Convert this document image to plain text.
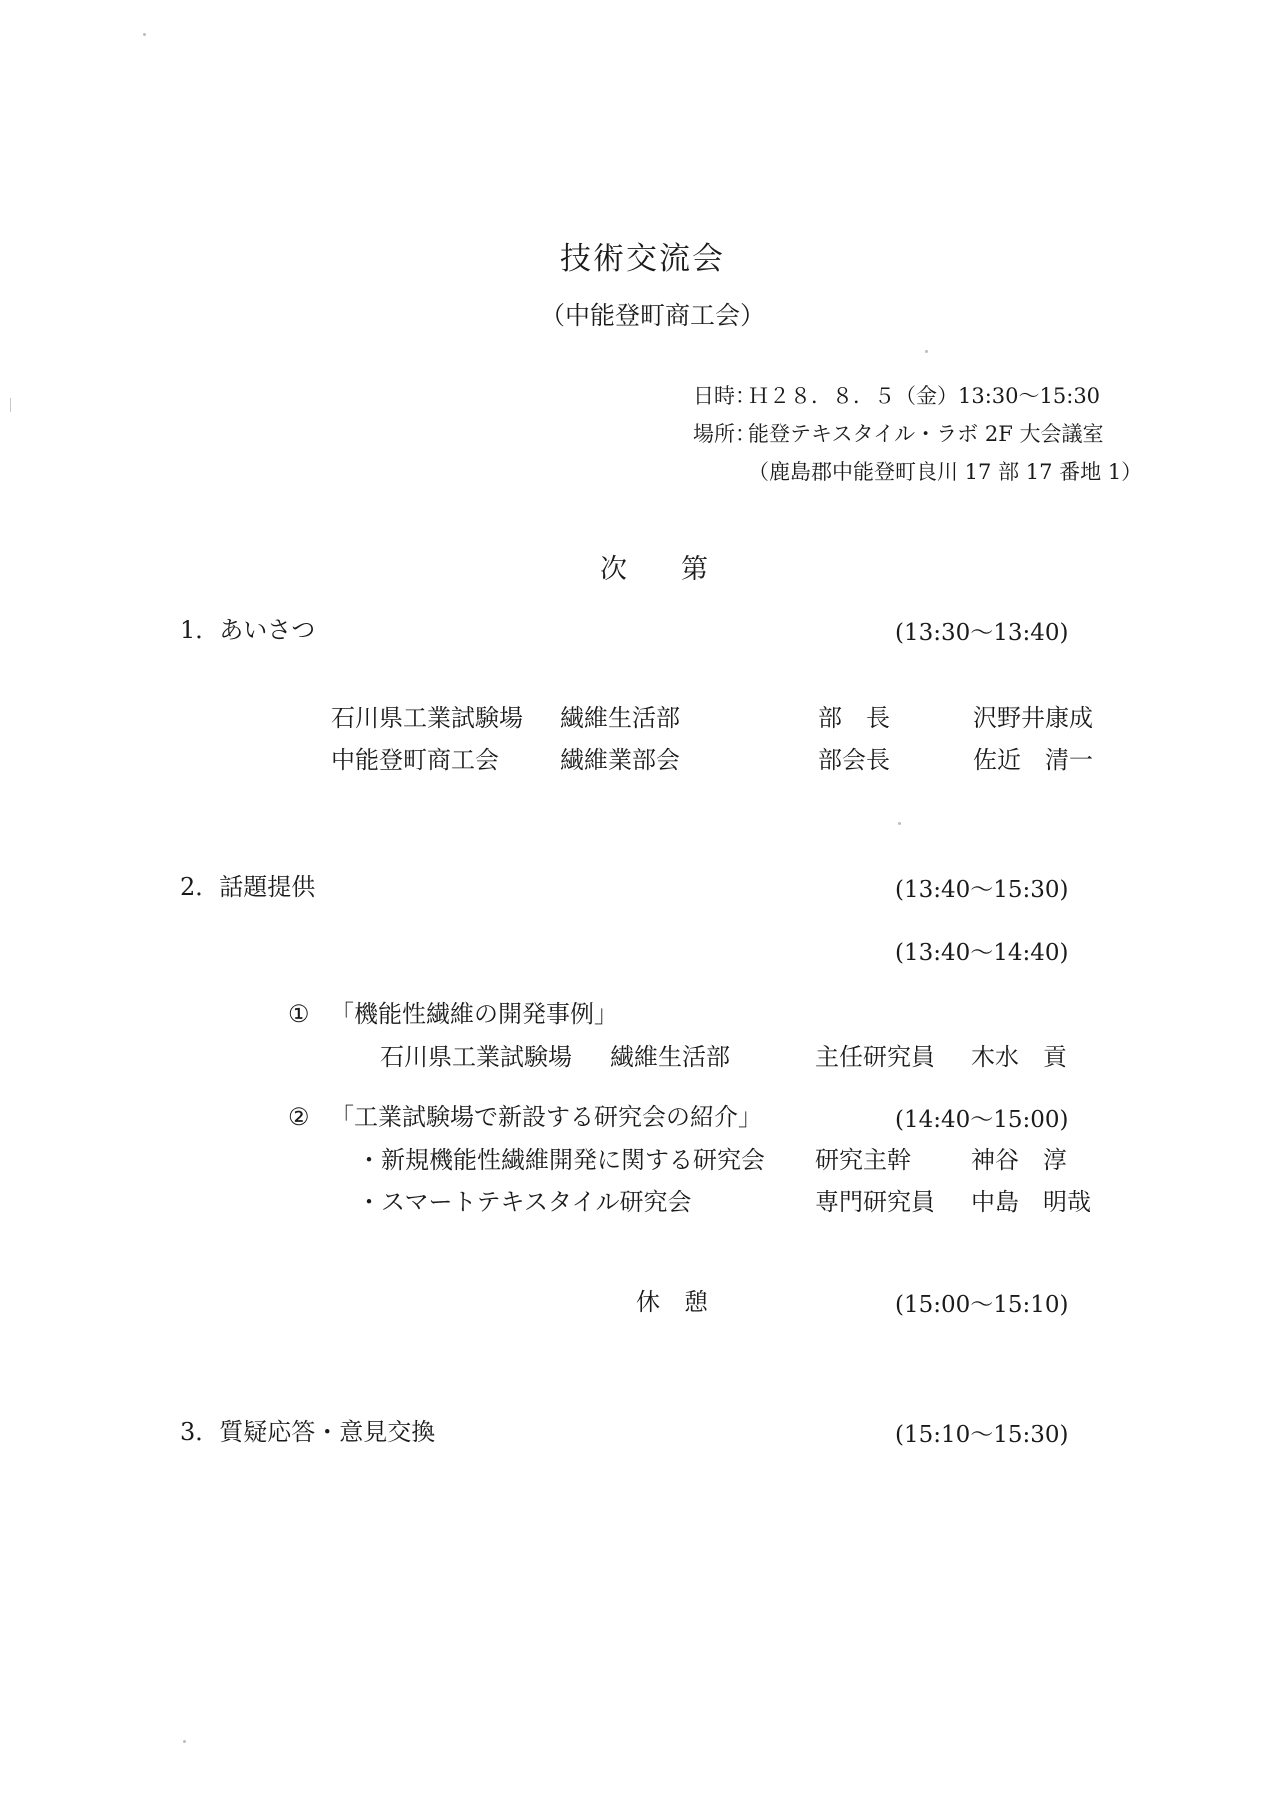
技術交流会
（中能登町商工会）
日時：
Ｈ２８．８．５（金）13:30～15:30
場所：
能登テキスタイル・ラボ 2F 大会議室
（鹿島郡中能登町良川 17 部 17 番地 1）
次　　第
1．あいさつ	(13:30～13:40)
石川県工業試験場 繊維生活部	部　長	沢野井康成
中能登町商工会	繊維業部会	部会長	佐近　清一
2．話題提供	(13:40～15:30)
(13:40～14:40)
① 「機能性繊維の開発事例」
石川県工業試験場 繊維生活部	主任研究員 木水　貢
② 「工業試験場で新設する研究会の紹介」	(14:40～15:00)
・新規機能性繊維開発に関する研究会 研究主幹	神谷　淳
・スマートテキスタイル研究会	専門研究員 中島　明哉
休　憩	(15:00～15:10)
3．質疑応答・意見交換	(15:10～15:30)
